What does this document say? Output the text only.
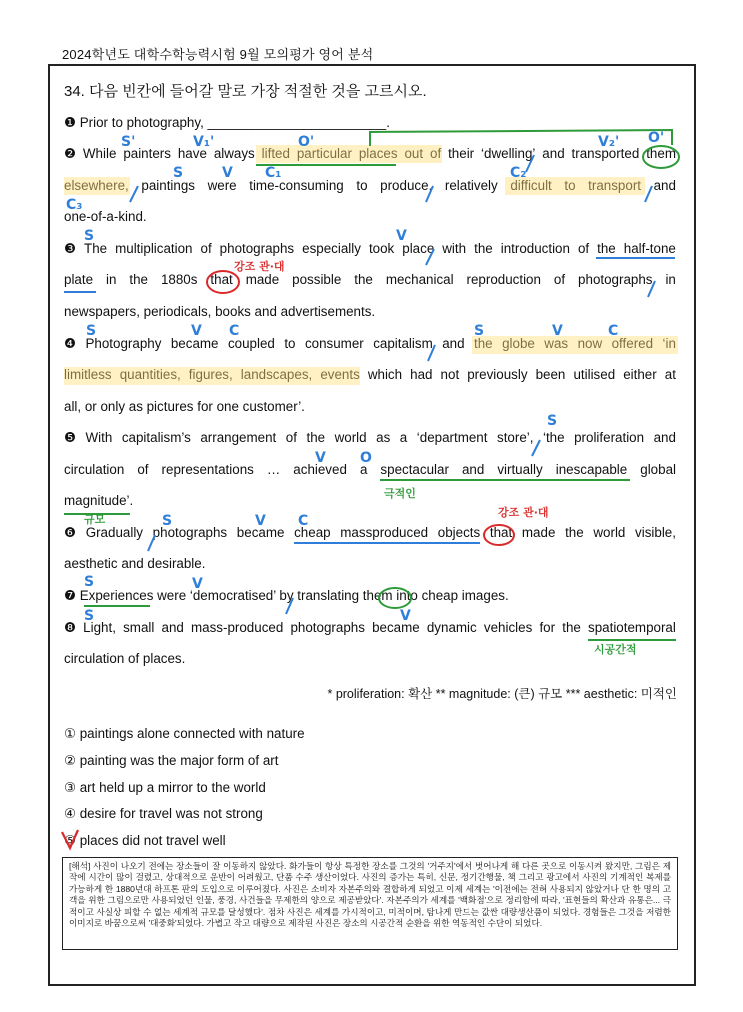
2024학년도 대학수학능력시험 9월 모의평가 영어 분석
34. 다음 빈칸에 들어갈 말로 가장 적절한 것을 고르시오.
❶ Prior to photography, ________________________.
❷ While painters have always lifted particular places out of their ‘dwelling’ and transported them
elsewhere, paintings were time-consuming to produce, relatively difficult to transport and
one-of-a-kind.
❸ The multiplication of photographs especially took place with the introduction of the half-tone
plate in the 1880s that made possible the mechanical reproduction of photographs in
newspapers, periodicals, books and advertisements.
❹ Photography became coupled to consumer capitalism and the globe was now offered ‘in
limitless quantities, figures, landscapes, events which had not previously been utilised either at
all, or only as pictures for one customer’.
❺ With capitalism’s arrangement of the world as a ‘department store’, ‘the proliferation and
circulation of representations … achieved a spectacular and virtually inescapable global
magnitude’.
❻ Gradually photographs became cheap massproduced objects that made the world visible,
aesthetic and desirable.
❼ Experiences were ‘democratised’ by translating them into cheap images.
❽ Light, small and mass-produced photographs became dynamic vehicles for the spatiotemporal
circulation of places.
* proliferation: 확산 ** magnitude: (큰) 규모 *** aesthetic: 미적인
① paintings alone connected with nature
② painting was the major form of art
③ art held up a mirror to the world
④ desire for travel was not strong
⑤ places did not travel well
[해석] 사진이 나오기 전에는 장소들이 잘 이동하지 않았다. 화가들이 항상 특정한 장소를 그것의 '거주지'에서 벗어나게 해 다른 곳으로 이동시켜 왔지만, 그림은 제작에 시간이 많이 걸렸고, 상대적으로 운반이 어려웠고, 단품 수주 생산이었다. 사진의 증가는 특히, 신문, 정기간행물, 책 그리고 광고에서 사진의 기계적인 복제를 가능하게 한 1880년대 하프톤 판의 도입으로 이루어졌다. 사진은 소비자 자본주의와 결합하게 되었고 이제 세계는 '이전에는 전혀 사용되지 않았거나 단 한 명의 고객을 위한 그림으로만 사용되었던 인물, 풍경, 사건들을 무제한의 양으로 제공받았다'. 자본주의가 세계를 '백화점'으로 정리함에 따라, '표현들의 확산과 유통은... 극적이고 사실상 피할 수 없는 세계적 규모를 달성했다'. 점차 사진은 세계를 가시적이고, 미적이며, 탐나게 만드는 값싼 대량생산품이 되었다. 경험들은 그것을 저렴한 이미지로 바꿈으로써 '대중화'되었다. 가볍고 작고 대량으로 제작된 사진은 장소의 시공간적 순환을 위한 역동적인 수단이 되었다.
S'	V₁'	O'	V₂' O'
S	V C₁	C₂
C₃
S	V
S	V C	S	V	C
S
V O
S	V C
S	V
S	V
강조 관·대
강조 관·대
극적인
규모
시공간적
